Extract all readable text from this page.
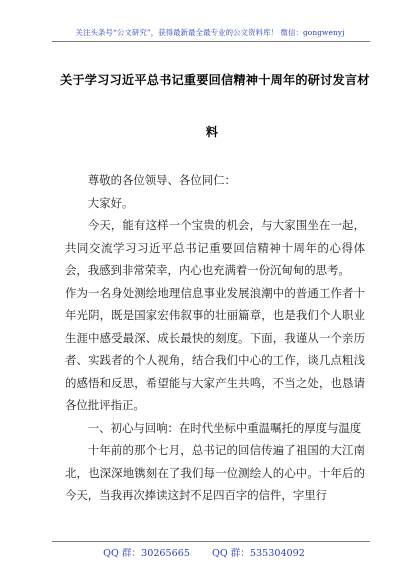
关注头条号“公文研究”，获得最新最全最专业的公文资料库！ 微信：gongwenyj
关于学习习近平总书记重要回信精神十周年的研讨发言材
料

尊敬的各位领导、各位同仁：

大家好。

今天，能有这样一个宝贵的机会，与大家围坐在一起，共同交流学习习近平总书记重要回信精神十周年的心得体会，我感到非常荣幸，内心也充满着一份沉甸甸的思考。

作为一名身处测绘地理信息事业发展浪潮中的普通工作者十年光阴，既是国家宏伟叙事的壮丽篇章，也是我们个人职业生涯中感受最深、成长最快的刻度。下面，我谨从一个亲历者、实践者的个人视角，结合我们中心的工作，谈几点粗浅的感悟和反思，希望能与大家产生共鸣，不当之处，也恳请各位批评指正。

一、初心与回响：在时代坐标中重温嘱托的厚度与温度

十年前的那个七月，总书记的回信传遍了祖国的大江南北，也深深地镌刻在了我们每一位测绘人的心中。十年后的今天，当我再次捧读这封不足四百字的信件，字里行

QQ 群：30265665 QQ 群：535304092
